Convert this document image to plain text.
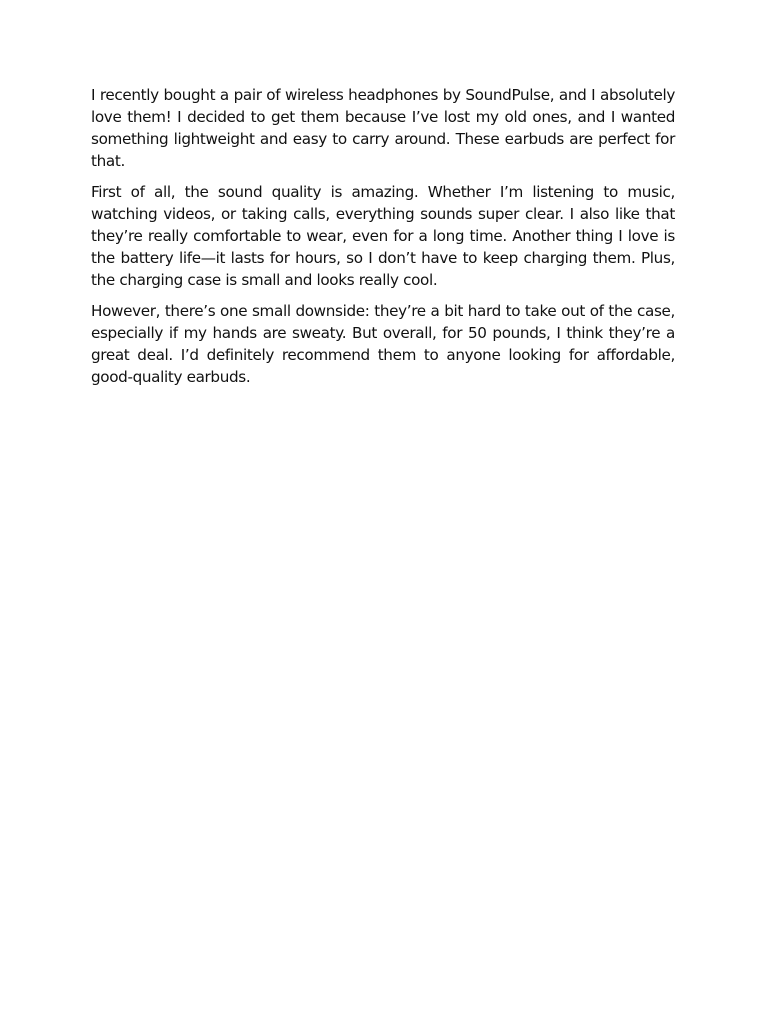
I recently bought a pair of wireless headphones by SoundPulse, and I absolutely love them! I decided to get them because I’ve lost my old ones, and I wanted something lightweight and easy to carry around. These earbuds are perfect for that.

First of all, the sound quality is amazing. Whether I’m listening to music, watching videos, or taking calls, everything sounds super clear. I also like that they’re really comfortable to wear, even for a long time. Another thing I love is the battery life—it lasts for hours, so I don’t have to keep charging them. Plus, the charging case is small and looks really cool.

However, there’s one small downside: they’re a bit hard to take out of the case, especially if my hands are sweaty. But overall, for 50 pounds, I think they’re a great deal. I’d definitely recommend them to anyone looking for affordable, good-quality earbuds.
